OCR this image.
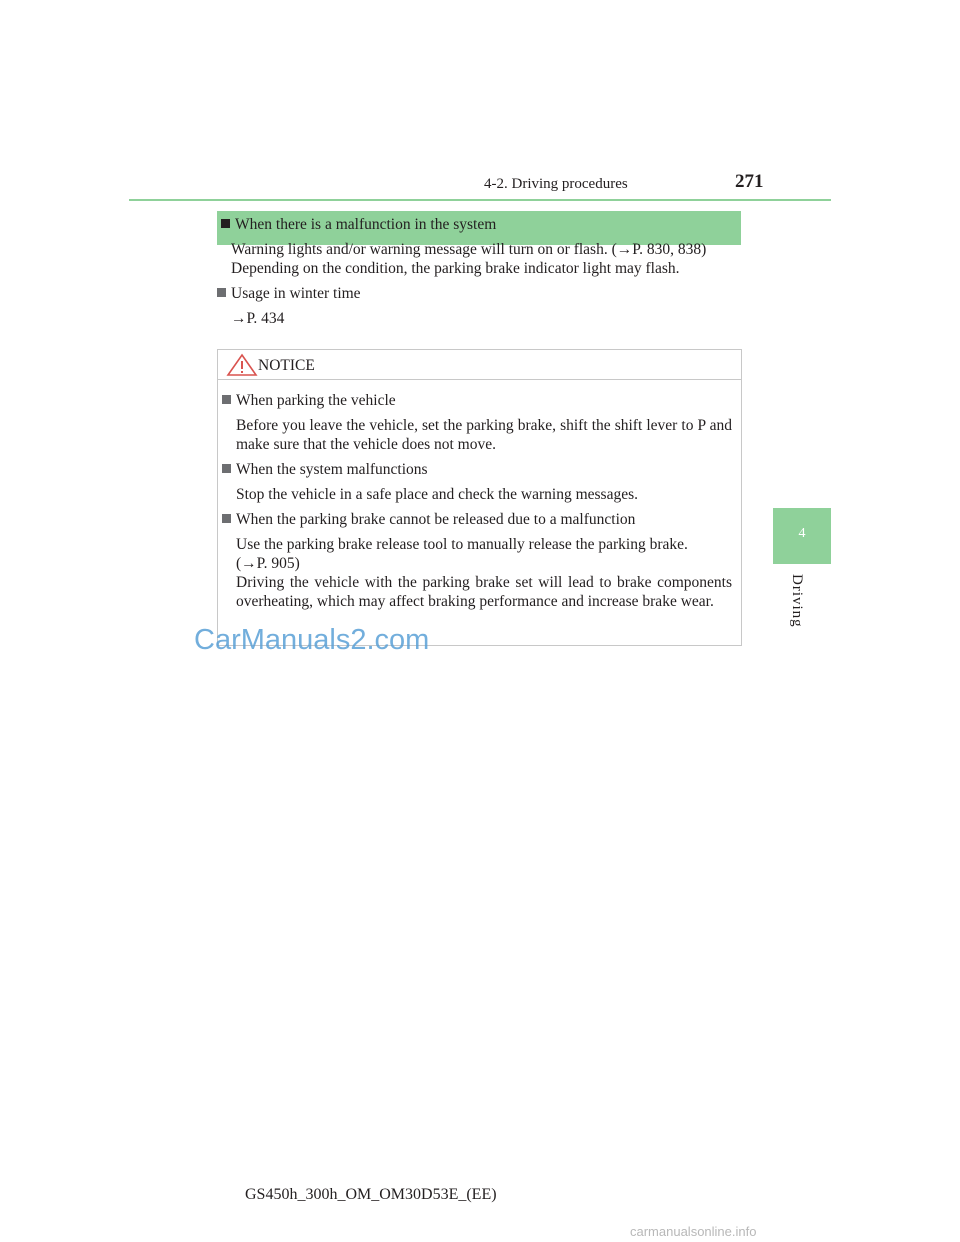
4-2. Driving procedures	271
4
Driving
When there is a malfunction in the system
Warning lights and/or warning message will turn on or flash. (→P. 830, 838)
Depending on the condition, the parking brake indicator light may flash.
Usage in winter time
→P. 434
NOTICE
When parking the vehicle
Before you leave the vehicle, set the parking brake, shift the shift lever to P and make sure that the vehicle does not move.
When the system malfunctions
Stop the vehicle in a safe place and check the warning messages.
When the parking brake cannot be released due to a malfunction
Use the parking brake release tool to manually release the parking brake.
(→P. 905)
Driving the vehicle with the parking brake set will lead to brake components overheating, which may affect braking performance and increase brake wear.
CarManuals2.com
GS450h_300h_OM_OM30D53E_(EE)
carmanualsonline.info
